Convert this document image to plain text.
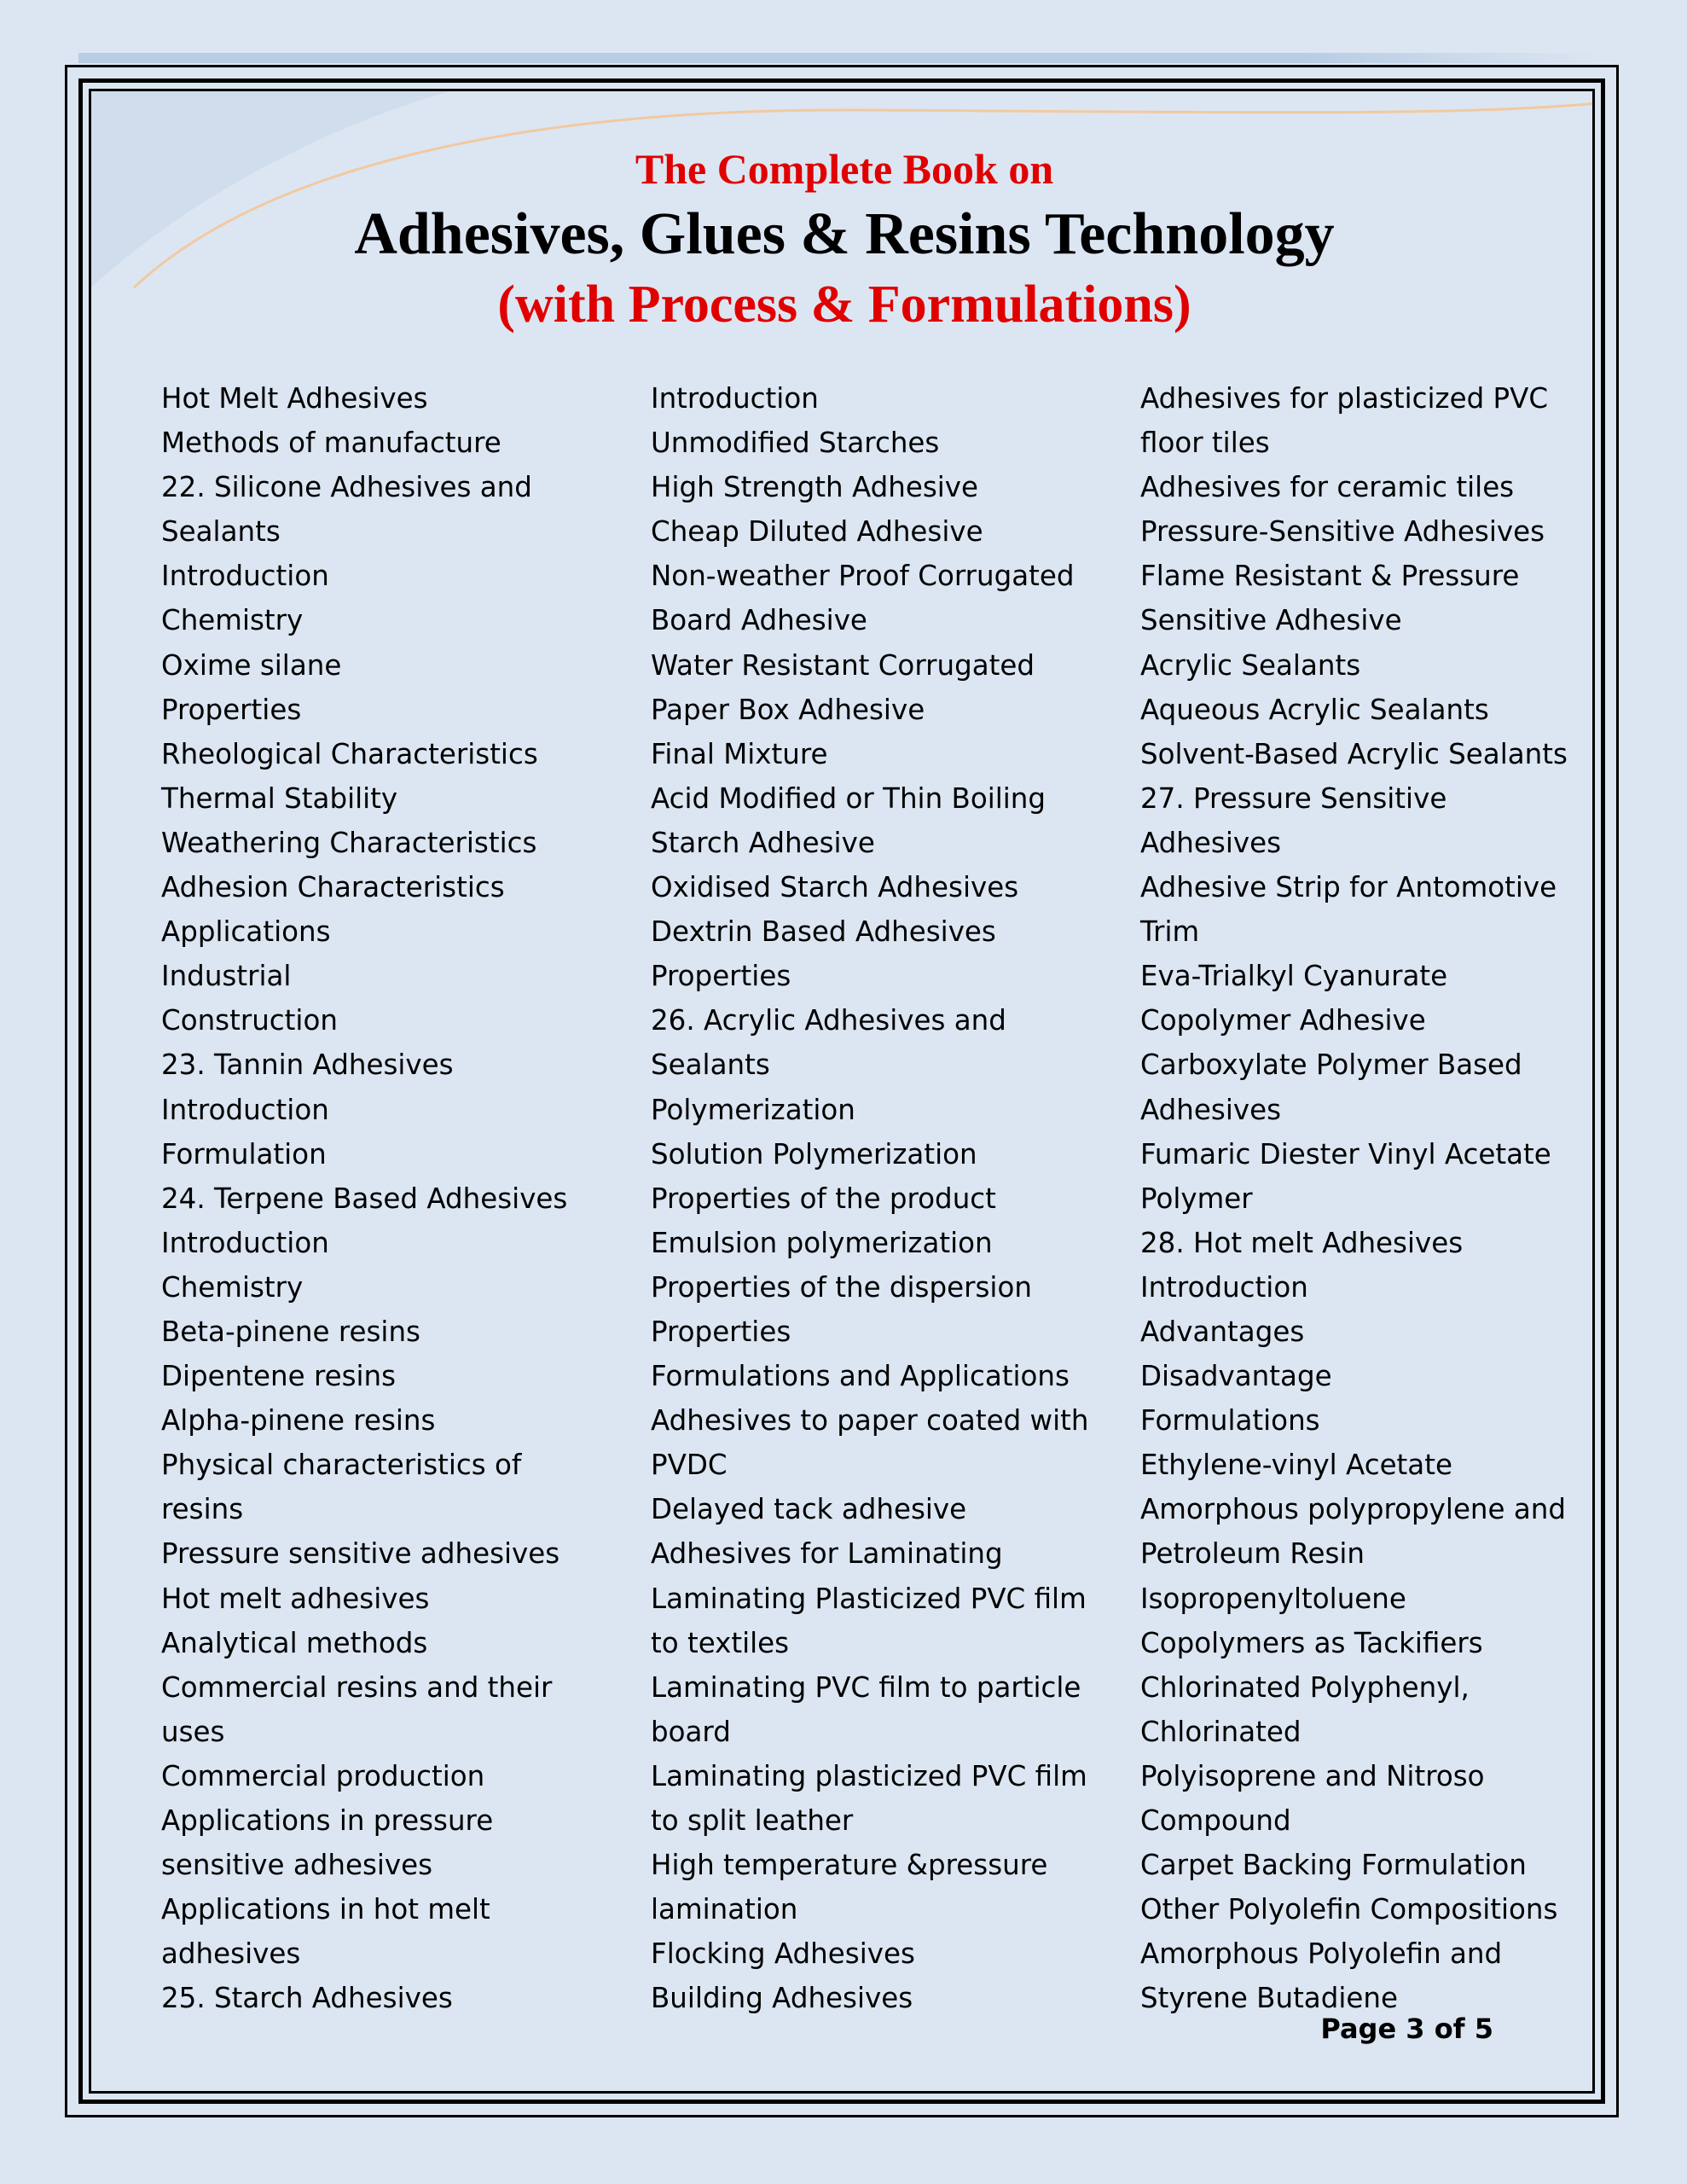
The Complete Book on
Adhesives, Glues & Resins Technology
(with Process & Formulations)
Hot Melt Adhesives
Methods of manufacture
22. Silicone Adhesives and
Sealants
Introduction
Chemistry
Oxime silane
Properties
Rheological Characteristics
Thermal Stability
Weathering Characteristics
Adhesion Characteristics
Applications
Industrial
Construction
23. Tannin Adhesives
Introduction
Formulation
24. Terpene Based Adhesives
Introduction
Chemistry
Beta-pinene resins
Dipentene resins
Alpha-pinene resins
Physical characteristics of
resins
Pressure sensitive adhesives
Hot melt adhesives
Analytical methods
Commercial resins and their
uses
Commercial production
Applications in pressure
sensitive adhesives
Applications in hot melt
adhesives
25. Starch Adhesives
Introduction
Unmodified Starches
High Strength Adhesive
Cheap Diluted Adhesive
Non-weather Proof Corrugated
Board Adhesive
Water Resistant Corrugated
Paper Box Adhesive
Final Mixture
Acid Modified or Thin Boiling
Starch Adhesive
Oxidised Starch Adhesives
Dextrin Based Adhesives
Properties
26. Acrylic Adhesives and
Sealants
Polymerization
Solution Polymerization
Properties of the product
Emulsion polymerization
Properties of the dispersion
Properties
Formulations and Applications
Adhesives to paper coated with
PVDC
Delayed tack adhesive
Adhesives for Laminating
Laminating Plasticized PVC film
to textiles
Laminating PVC film to particle
board
Laminating plasticized PVC film
to split leather
High temperature &pressure
lamination
Flocking Adhesives
Building Adhesives
Adhesives for plasticized PVC
floor tiles
Adhesives for ceramic tiles
Pressure-Sensitive Adhesives
Flame Resistant & Pressure
Sensitive Adhesive
Acrylic Sealants
Aqueous Acrylic Sealants
Solvent-Based Acrylic Sealants
27. Pressure Sensitive
Adhesives
Adhesive Strip for Antomotive
Trim
Eva-Trialkyl Cyanurate
Copolymer Adhesive
Carboxylate Polymer Based
Adhesives
Fumaric Diester Vinyl Acetate
Polymer
28. Hot melt Adhesives
Introduction
Advantages
Disadvantage
Formulations
Ethylene-vinyl Acetate
Amorphous polypropylene and
Petroleum Resin
Isopropenyltoluene
Copolymers as Tackifiers
Chlorinated Polyphenyl,
Chlorinated
Polyisoprene and Nitroso
Compound
Carpet Backing Formulation
Other Polyolefin Compositions
Amorphous Polyolefin and
Styrene Butadiene
Page 3 of 5
